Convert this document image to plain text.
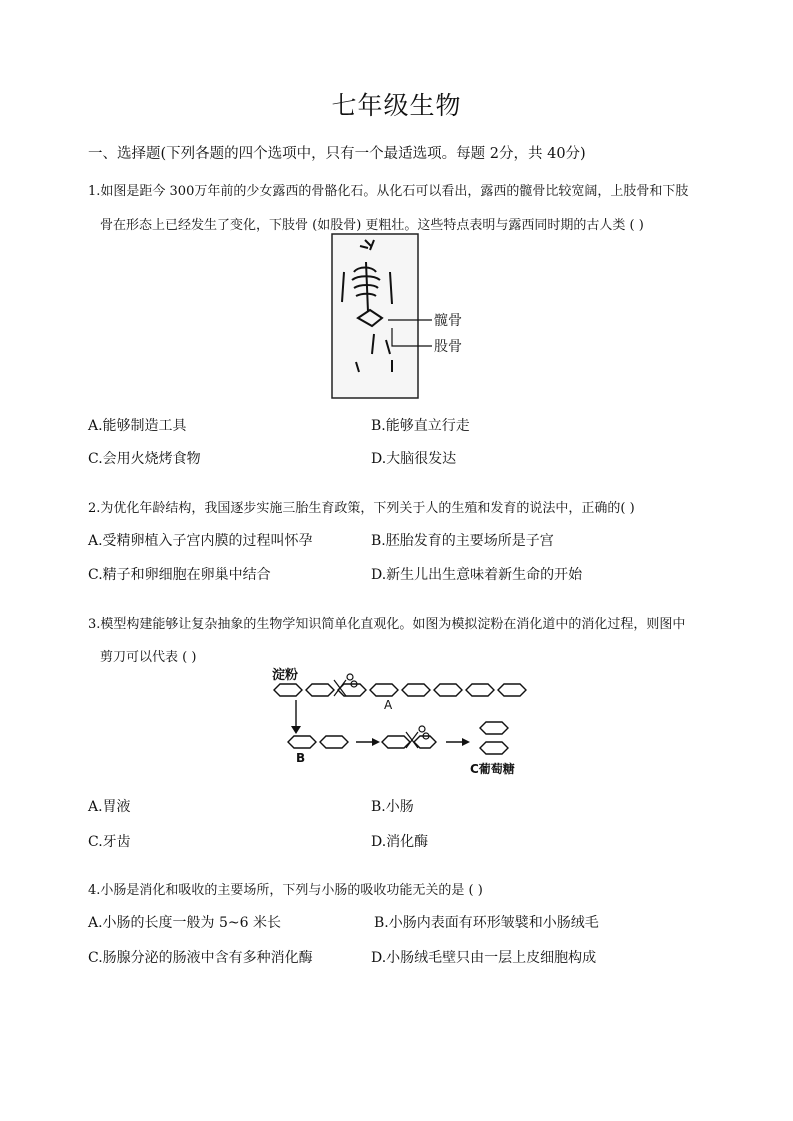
七年级生物
一、选择题(下列各题的四个选项中，只有一个最适选项。每题 2分，共 40分)
1.如图是距今 300万年前的少女露西的骨骼化石。从化石可以看出，露西的髋骨比较宽阔，上肢骨和下肢
骨在形态上已经发生了变化，下肢骨 (如股骨) 更粗壮。这些特点表明与露西同时期的古人类 ( )
髋骨
股骨
A.能够制造工具	B.能够直立行走
C.会用火烧烤食物	D.大脑很发达
2.为优化年龄结构，我国逐步实施三胎生育政策，下列关于人的生殖和发育的说法中，正确的( )
A.受精卵植入子宫内膜的过程叫怀孕	B.胚胎发育的主要场所是子宫
C.精子和卵细胞在卵巢中结合	D.新生儿出生意味着新生命的开始
3.模型构建能够让复杂抽象的生物学知识简单化直观化。如图为模拟淀粉在消化道中的消化过程，则图中
剪刀可以代表 ( )
淀粉
A
B
C葡萄糖
A.胃液	B.小肠
C.牙齿	D.消化酶
4.小肠是消化和吸收的主要场所，下列与小肠的吸收功能无关的是 ( )
A.小肠的长度一般为 5~6 米长	B.小肠内表面有环形皱襞和小肠绒毛
C.肠腺分泌的肠液中含有多种消化酶	D.小肠绒毛壁只由一层上皮细胞构成
